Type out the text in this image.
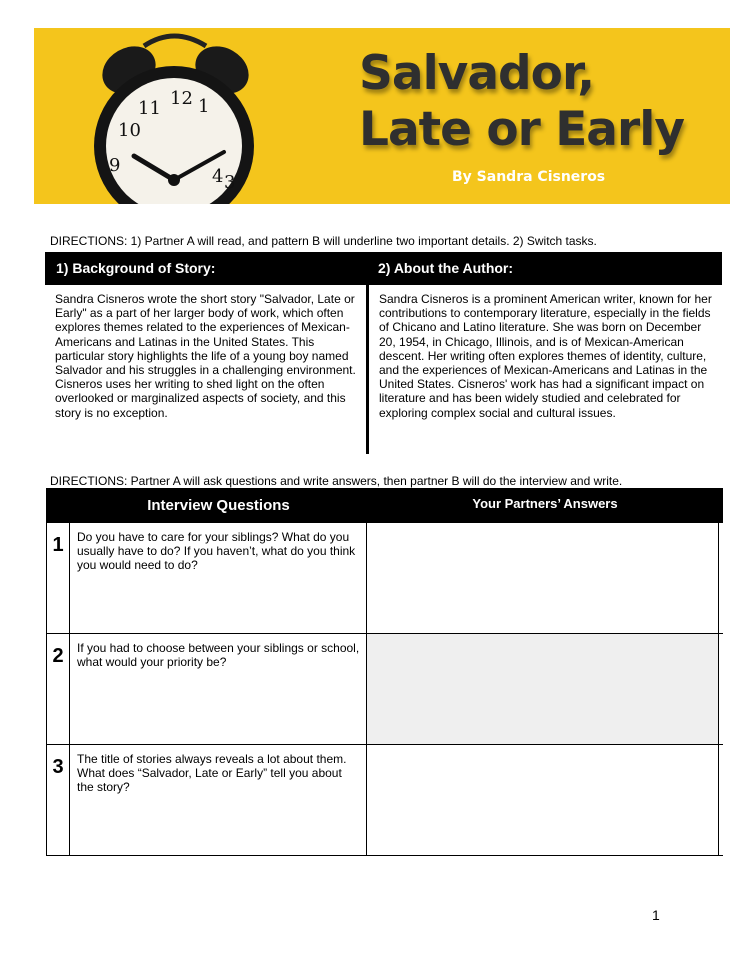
12 1
11
10
9
3
4
Salvador,
Late or Early
By Sandra Cisneros
DIRECTIONS: 1) Partner A will read, and pattern B will underline two important details. 2) Switch tasks.
1) Background of Story:	2) About the Author:
Sandra Cisneros wrote the short story "Salvador, Late or Early" as a part of her larger body of work, which often explores themes related to the experiences of Mexican-Americans and Latinas in the United States. This particular story highlights the life of a young boy named Salvador and his struggles in a challenging environment. Cisneros uses her writing to shed light on the often overlooked or marginalized aspects of society, and this story is no exception.
Sandra Cisneros is a prominent American writer, known for her contributions to contemporary literature, especially in the fields of Chicano and Latino literature. She was born on December 20, 1954, in Chicago, Illinois, and is of Mexican-American descent. Her writing often explores themes of identity, culture, and the experiences of Mexican-Americans and Latinas in the United States. Cisneros' work has had a significant impact on literature and has been widely studied and celebrated for exploring complex social and cultural issues.
DIRECTIONS: Partner A will ask questions and write answers, then partner B will do the interview and write.
Interview Questions	Your Partners’ Answers
1	Do you have to care for your siblings? What do you usually have to do? If you haven’t, what do you think you would need to do?
2	If you had to choose between your siblings or school, what would your priority be?
3	The title of stories always reveals a lot about them. What does “Salvador, Late or Early” tell you about the story?
1
